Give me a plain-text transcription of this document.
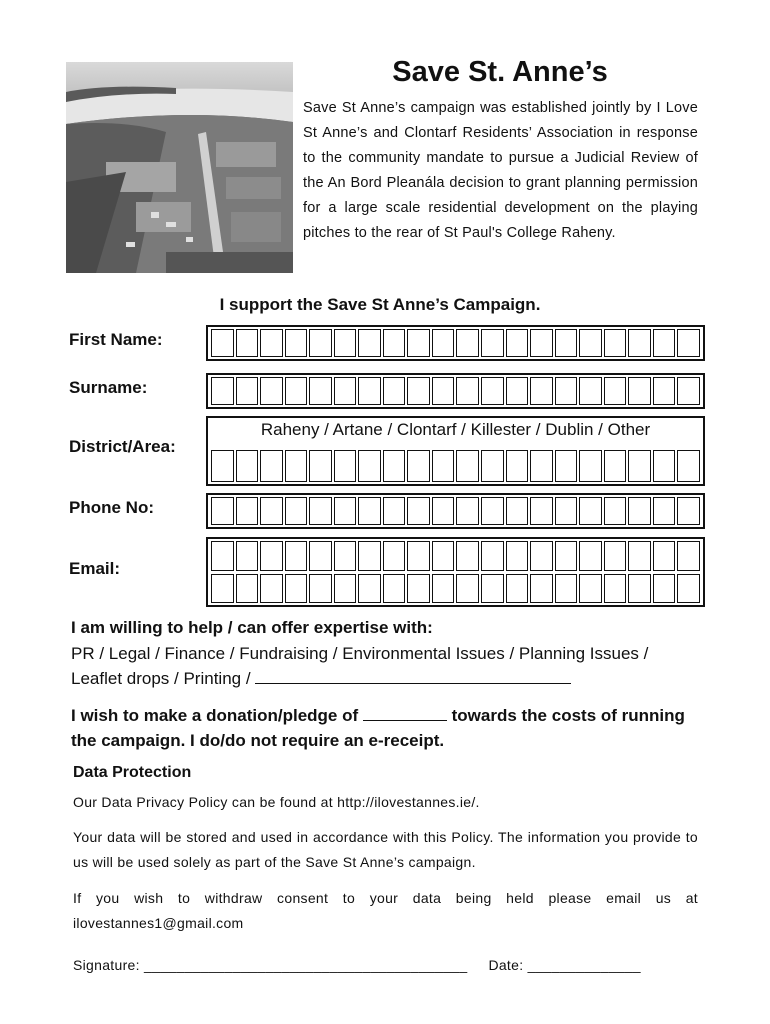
Save St. Anne’s

Save St Anne’s campaign was established jointly by I Love St Anne’s and Clontarf Residents’ Association in response to the community mandate to pursue a Judicial Review of the An Bord Pleanála decision to grant planning permission for a large scale residential development on the playing pitches to the rear of St Paul's College Raheny.

I support the Save St Anne’s Campaign.

First Name:
Surname:
District/Area:
Raheny / Artane / Clontarf / Killester / Dublin / Other
Phone No:
Email:

I am willing to help / can offer expertise with:

PR / Legal / Finance / Fundraising / Environmental Issues / Planning Issues / Leaflet drops / Printing /

I wish to make a donation/pledge of	towards the costs of running the campaign. I do/do not require an e-receipt.

Data Protection

Our Data Privacy Policy can be found at http://ilovestannes.ie/.

Your data will be stored and used in accordance with this Policy. The information you provide to us will be used solely as part of the Save St Anne’s campaign.

If you wish to withdraw consent to your data being held please email us at ilovestannes1@gmail.com

Signature: ________________________________________ Date: ______________
